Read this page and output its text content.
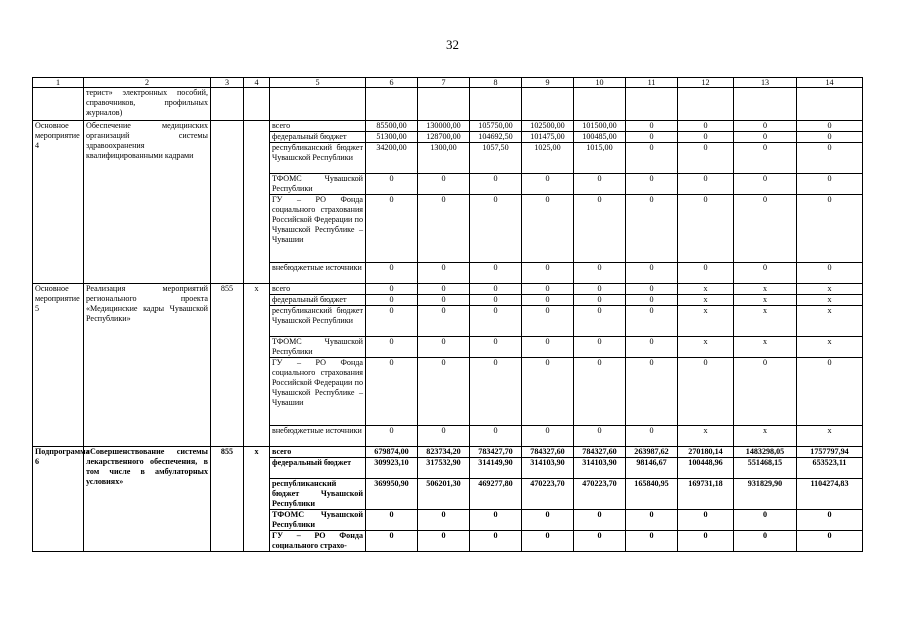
32
1	2	3	4	5	6	7	8	9	10	11	12	13	14
	терист» электронных пособий, справочников, профильных журналов)												
Основное мероприятие 4	Обеспечение медицинских организаций системы здравоохранения квалифицированными кадрами			всего	85500,00	130000,00	105750,00	102500,00	101500,00	0	0	0	0
				федеральный бюджет	51300,00	128700,00	104692,50	101475,00	100485,00	0	0	0	0
				республиканский бюджет Чувашской Республики	34200,00	1300,00	1057,50	1025,00	1015,00	0	0	0	0
				ТФОМС Чувашской Республики	0	0	0	0	0	0	0	0	0
				ГУ – РО Фонда социального страхования Российской Федерации по Чувашской Республике – Чувашии	0	0	0	0	0	0	0	0	0
				внебюджетные источники	0	0	0	0	0	0	0	0	0
Основное мероприятие 5	Реализация мероприятий регионального проекта «Медицинские кадры Чувашской Республики»	855	х	всего	0	0	0	0	0	0	х	х	х
				федеральный бюджет	0	0	0	0	0	0	х	х	х
				республиканский бюджет Чувашской Республики	0	0	0	0	0	0	х	х	х
				ТФОМС Чувашской Республики	0	0	0	0	0	0	х	х	х
				ГУ – РО Фонда социального страхования Российской Федерации по Чувашской Республике – Чувашии	0	0	0	0	0	0	0	0	0
				внебюджетные источники	0	0	0	0	0	0	х	х	х
Подпрограмма 6	«Совершенствование системы лекарственного обеспечения, в том числе в амбулаторных условиях»	855	х	всего	679874,00	823734,20	783427,70	784327,60	784327,60	263987,62	270180,14	1483298,05	1757797,94
				федеральный бюджет	309923,10	317532,90	314149,90	314103,90	314103,90	98146,67	100448,96	551468,15	653523,11
				республиканский бюджет Чувашской Республики	369950,90	506201,30	469277,80	470223,70	470223,70	165840,95	169731,18	931829,90	1104274,83
				ТФОМС Чувашской Республики	0	0	0	0	0	0	0	0	0
				ГУ – РО Фонда социального страхо-	0	0	0	0	0	0	0	0	0
